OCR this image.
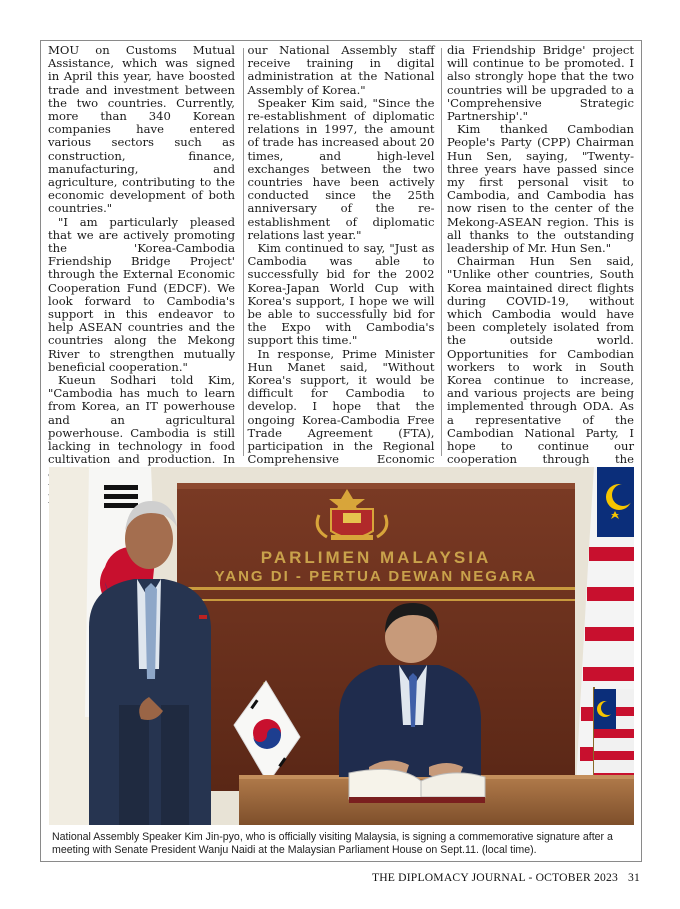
MOU on Customs Mutual Assistance, which was signed in April this year, have boosted trade and investment between the two countries. Currently, more than 340 Korean companies have entered various sectors such as construction, finance, manufacturing, and agriculture, contributing to the economic development of both countries."

"I am particularly pleased that we are actively promoting the 'Korea-Cambodia Friendship Bridge Project' through the External Economic Cooperation Fund (EDCF). We look forward to Cambodia's support in this endeavor to help ASEAN countries and the countries along the Mekong River to strengthen mutually beneficial cooperation."

Kueun Sodhari told Kim, "Cambodia has much to learn from Korea, an IT powerhouse and an agricultural powerhouse. Cambodia is still lacking in technology in food cultivation and production. In

our National Assembly staff receive training in digital administration at the National Assembly of Korea."

Speaker Kim said, "Since the re-establishment of diplomatic relations in 1997, the amount of trade has increased about 20 times, and high-level exchanges between the two countries have been actively conducted since the 25th anniversary of the re-establishment of diplomatic relations last year."

Kim continued to say, "Just as Cambodia was able to successfully bid for the 2002 Korea-Japan World Cup with Korea's support, I hope we will be able to successfully bid for the Expo with Cambodia's support this time."

In response, Prime Minister Hun Manet said, "Without Korea's support, it would be difficult for Cambodia to develop. I hope that the ongoing Korea-Cambodia Free Trade Agreement (FTA), participation in the Regional Comprehensive Economic

dia Friendship Bridge' project will continue to be promoted. I also strongly hope that the two countries will be upgraded to a 'Comprehensive Strategic Partnership'."

Kim thanked Cambodian People's Party (CPP) Chairman Hun Sen, saying, "Twenty-three years have passed since my first personal visit to Cambodia, and Cambodia has now risen to the center of the Mekong-ASEAN region. This is all thanks to the outstanding leadership of Mr. Hun Sen."

Chairman Hun Sen said, "Unlike other countries, South Korea maintained direct flights during COVID-19, without which Cambodia would have been completely isolated from the outside world. Opportunities for Cambodian workers to work in South Korea continue to increase, and various projects are being implemented through ODA. As a representative of the Cambodian National Party, I hope to continue our cooperation through the

PARLIMEN MALAYSIA
YANG DI - PERTUA DEWAN NEGARA
National Assembly Speaker Kim Jin-pyo, who is officially visiting Malaysia, is signing a commemorative signature after a meeting with Senate President Wanju Naidi at the Malaysian Parliament House on Sept.11. (local time).
THE DIPLOMACY JOURNAL - OCTOBER 2023 31
